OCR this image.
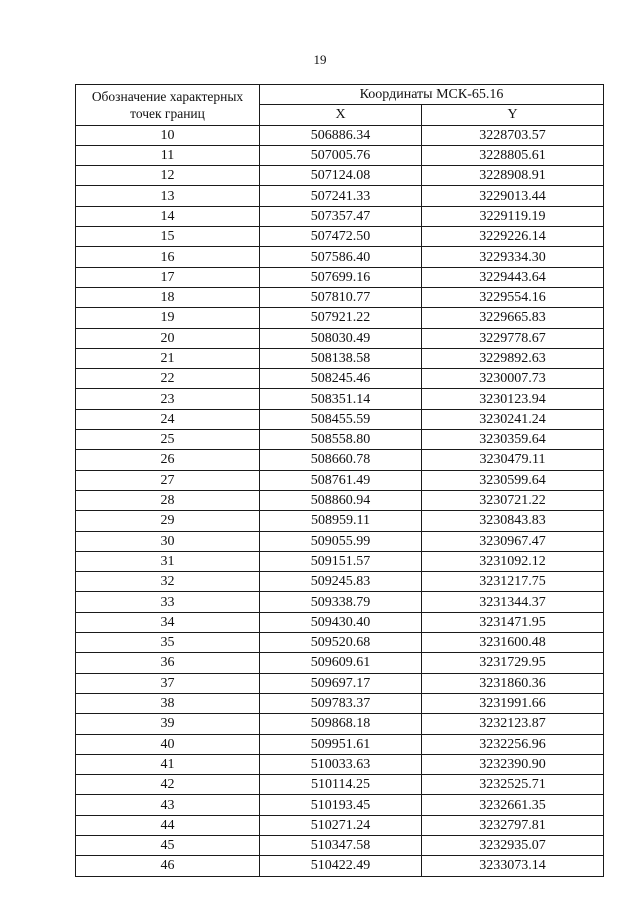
19
Обозначение характерных точек границ	Координаты МСК-65.16	
	X	Y
10	506886.34	3228703.57
11	507005.76	3228805.61
12	507124.08	3228908.91
13	507241.33	3229013.44
14	507357.47	3229119.19
15	507472.50	3229226.14
16	507586.40	3229334.30
17	507699.16	3229443.64
18	507810.77	3229554.16
19	507921.22	3229665.83
20	508030.49	3229778.67
21	508138.58	3229892.63
22	508245.46	3230007.73
23	508351.14	3230123.94
24	508455.59	3230241.24
25	508558.80	3230359.64
26	508660.78	3230479.11
27	508761.49	3230599.64
28	508860.94	3230721.22
29	508959.11	3230843.83
30	509055.99	3230967.47
31	509151.57	3231092.12
32	509245.83	3231217.75
33	509338.79	3231344.37
34	509430.40	3231471.95
35	509520.68	3231600.48
36	509609.61	3231729.95
37	509697.17	3231860.36
38	509783.37	3231991.66
39	509868.18	3232123.87
40	509951.61	3232256.96
41	510033.63	3232390.90
42	510114.25	3232525.71
43	510193.45	3232661.35
44	510271.24	3232797.81
45	510347.58	3232935.07
46	510422.49	3233073.14
